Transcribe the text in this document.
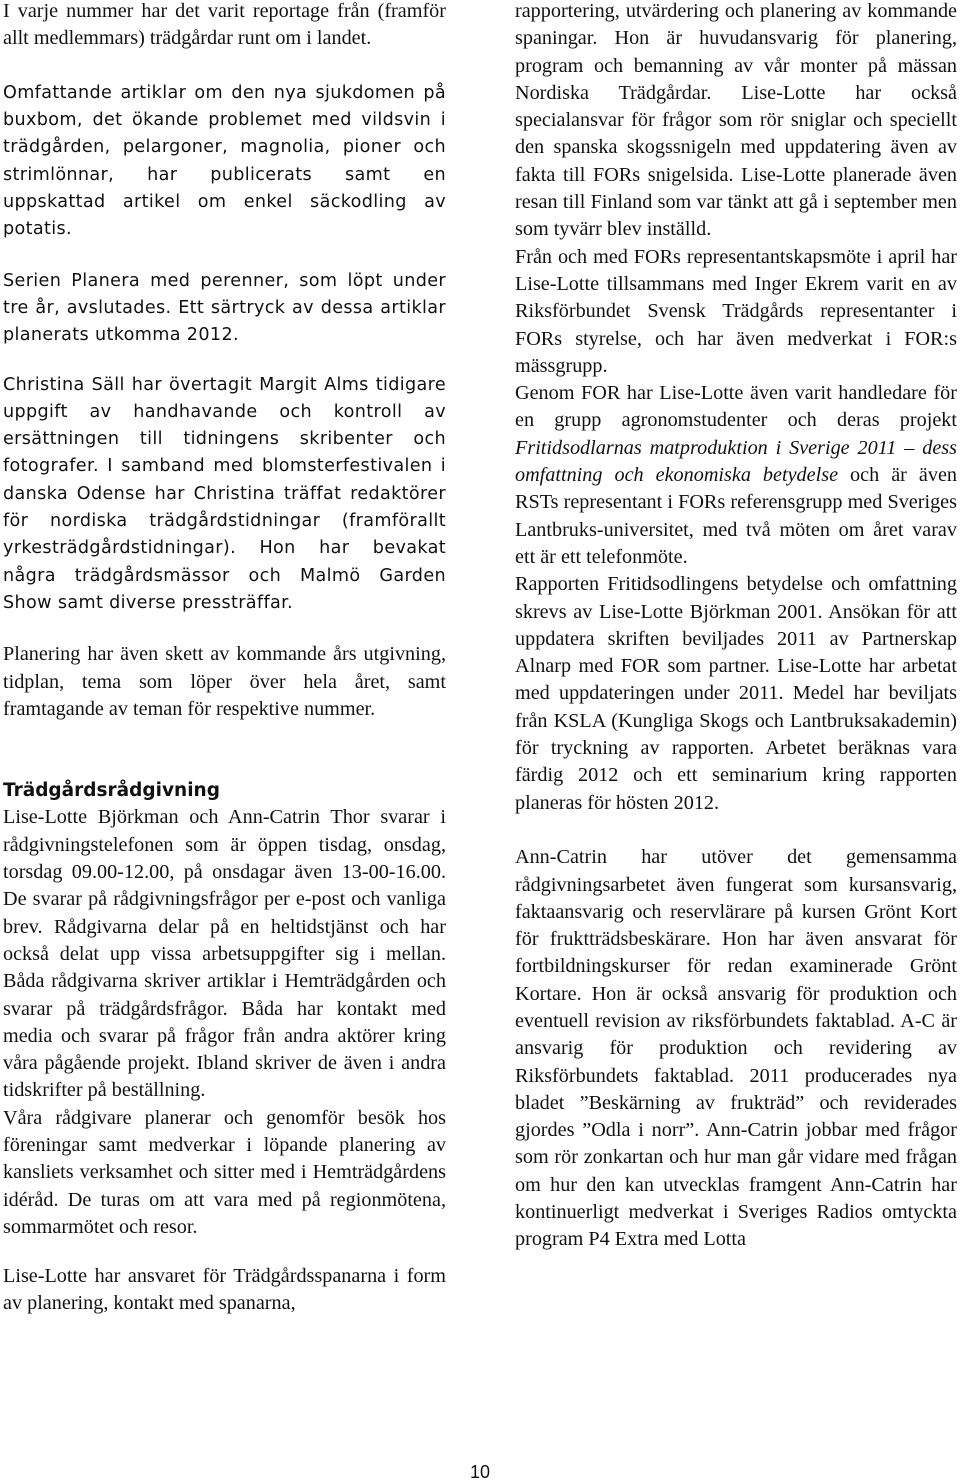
I varje nummer har det varit reportage från (framför allt medlemmars) trädgårdar runt om i landet.

Omfattande artiklar om den nya sjukdomen på buxbom, det ökande problemet med vildsvin i trädgården, pelargoner, magnolia, pioner och strimlönnar, har publicerats samt en uppskattad artikel om enkel säckodling av potatis.

Serien Planera med perenner, som löpt under tre år, avslutades. Ett särtryck av dessa artiklar planerats utkomma 2012.

Christina Säll har övertagit Margit Alms tidigare uppgift av handhavande och kontroll av ersättningen till tidningens skribenter och fotografer. I samband med blomsterfestivalen i danska Odense har Christina träffat redaktörer för nordiska trädgårdstidningar (framförallt yrkesträdgårdstidningar). Hon har bevakat några trädgårdsmässor och Malmö Garden Show samt diverse pressträffar.

Planering har även skett av kommande års utgivning, tidplan, tema som löper över hela året, samt framtagande av teman för respektive nummer.

Trädgårdsrådgivning

Lise-Lotte Björkman och Ann-Catrin Thor svarar i rådgivningstelefonen som är öppen tisdag, onsdag, torsdag 09.00-12.00, på onsdagar även 13-00-16.00. De svarar på rådgivningsfrågor per e-post och vanliga brev. Rådgivarna delar på en heltidstjänst och har också delat upp vissa arbetsuppgifter sig i mellan. Båda rådgivarna skriver artiklar i Hemträdgården och svarar på trädgårdsfrågor. Båda har kontakt med media och svarar på frågor från andra aktörer kring våra pågående projekt. Ibland skriver de även i andra tidskrifter på beställning.

Våra rådgivare planerar och genomför besök hos föreningar samt medverkar i löpande planering av kansliets verksamhet och sitter med i Hemträdgårdens idéråd. De turas om att vara med på regionmötena, sommarmötet och resor.

Lise-Lotte har ansvaret för Trädgårdsspanarna i form av planering, kontakt med spanarna,

rapportering, utvärdering och planering av kommande spaningar. Hon är huvudansvarig för planering, program och bemanning av vår monter på mässan Nordiska Trädgårdar. Lise-Lotte har också specialansvar för frågor som rör sniglar och speciellt den spanska skogssnigeln med uppdatering även av fakta till FORs snigelsida. Lise-Lotte planerade även resan till Finland som var tänkt att gå i september men som tyvärr blev inställd.

Från och med FORs representantskapsmöte i april har Lise-Lotte tillsammans med Inger Ekrem varit en av Riksförbundet Svensk Trädgårds representanter i FORs styrelse, och har även medverkat i FOR:s mässgrupp.

Genom FOR har Lise-Lotte även varit handledare för en grupp agronomstudenter och deras projekt Fritidsodlarnas matproduktion i Sverige 2011 – dess omfattning och ekonomiska betydelse och är även RSTs representant i FORs referensgrupp med Sveriges Lantbruks-universitet, med två möten om året varav ett är ett telefonmöte.

Rapporten Fritidsodlingens betydelse och omfattning skrevs av Lise-Lotte Björkman 2001. Ansökan för att uppdatera skriften beviljades 2011 av Partnerskap Alnarp med FOR som partner. Lise-Lotte har arbetat med uppdateringen under 2011. Medel har beviljats från KSLA (Kungliga Skogs och Lantbruksakademin) för tryckning av rapporten. Arbetet beräknas vara färdig 2012 och ett seminarium kring rapporten planeras för hösten 2012.

Ann-Catrin har utöver det gemensamma rådgivningsarbetet även fungerat som kursansvarig, faktaansvarig och reservlärare på kursen Grönt Kort för fruktträdsbeskärare. Hon har även ansvarat för fortbildningskurser för redan examinerade Grönt Kortare. Hon är också ansvarig för produktion och eventuell revision av riksförbundets faktablad. A-C är ansvarig för produktion och revidering av Riksförbundets faktablad. 2011 producerades nya bladet ”Beskärning av frukträd” och reviderades gjordes ”Odla i norr”. Ann-Catrin jobbar med frågor som rör zonkartan och hur man går vidare med frågan om hur den kan utvecklas framgent Ann-Catrin har kontinuerligt medverkat i Sveriges Radios omtyckta program P4 Extra med Lotta

10
